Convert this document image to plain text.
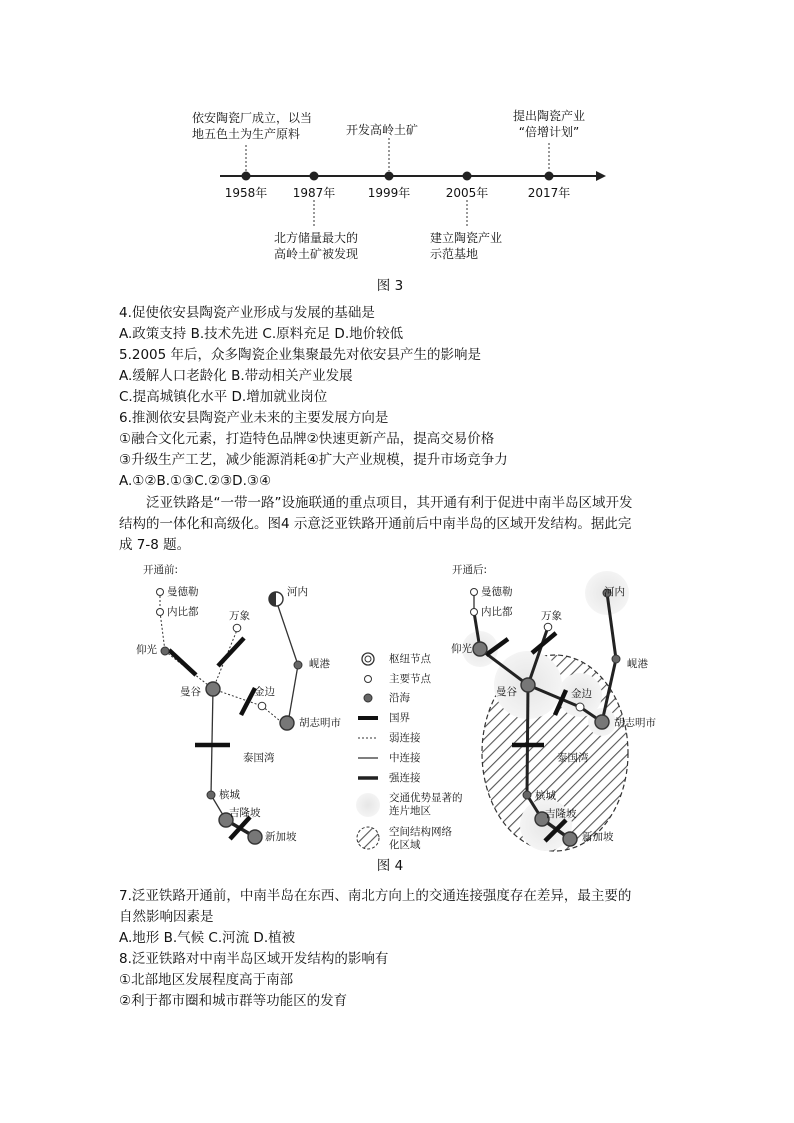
依安陶瓷厂成立，以当
地五色土为生产原料	开发高岭土矿
提出陶瓷产业
“倍增计划”
1958年	1987年	1999年	2005年	2017年
北方储量最大的
高岭土矿被发现
建立陶瓷产业
示范基地
图 3
4.促使依安县陶瓷产业形成与发展的基础是
A.政策支持 B.技术先进 C.原料充足 D.地价较低
5.2005 年后，众多陶瓷企业集聚最先对依安县产生的影响是
A.缓解人口老龄化 B.带动相关产业发展
C.提高城镇化水平 D.增加就业岗位
6.推测依安县陶瓷产业未来的主要发展方向是
①融合文化元素，打造特色品牌②快速更新产品，提高交易价格
③升级生产工艺，减少能源消耗④扩大产业规模，提升市场竞争力
A.①②B.①③C.②③D.③④
泛亚铁路是“一带一路”设施联通的重点项目，其开通有利于促进中南半岛区域开发
结构的一体化和高级化。图4 示意泛亚铁路开通前后中南半岛的区域开发结构。据此完
成 7-8 题。
开通前:
曼德勒
内比都	万象
河内
仰光
岘港
曼谷	金边
胡志明市
泰国湾
槟城
吉隆坡
新加坡
枢纽节点
主要节点
沿海
国界
弱连接
中连接
强连接
交通优势显著的
连片地区
空间结构网络
化区域
开通后:
曼德勒
内比都	万象
河内
仰光
岘港
曼谷	金边
胡志明市
泰国湾
槟城
吉隆坡
新加坡
图 4
7.泛亚铁路开通前，中南半岛在东西、南北方向上的交通连接强度存在差异，最主要的
自然影响因素是
A.地形 B.气候 C.河流 D.植被
8.泛亚铁路对中南半岛区域开发结构的影响有
①北部地区发展程度高于南部
②利于都市圈和城市群等功能区的发育
